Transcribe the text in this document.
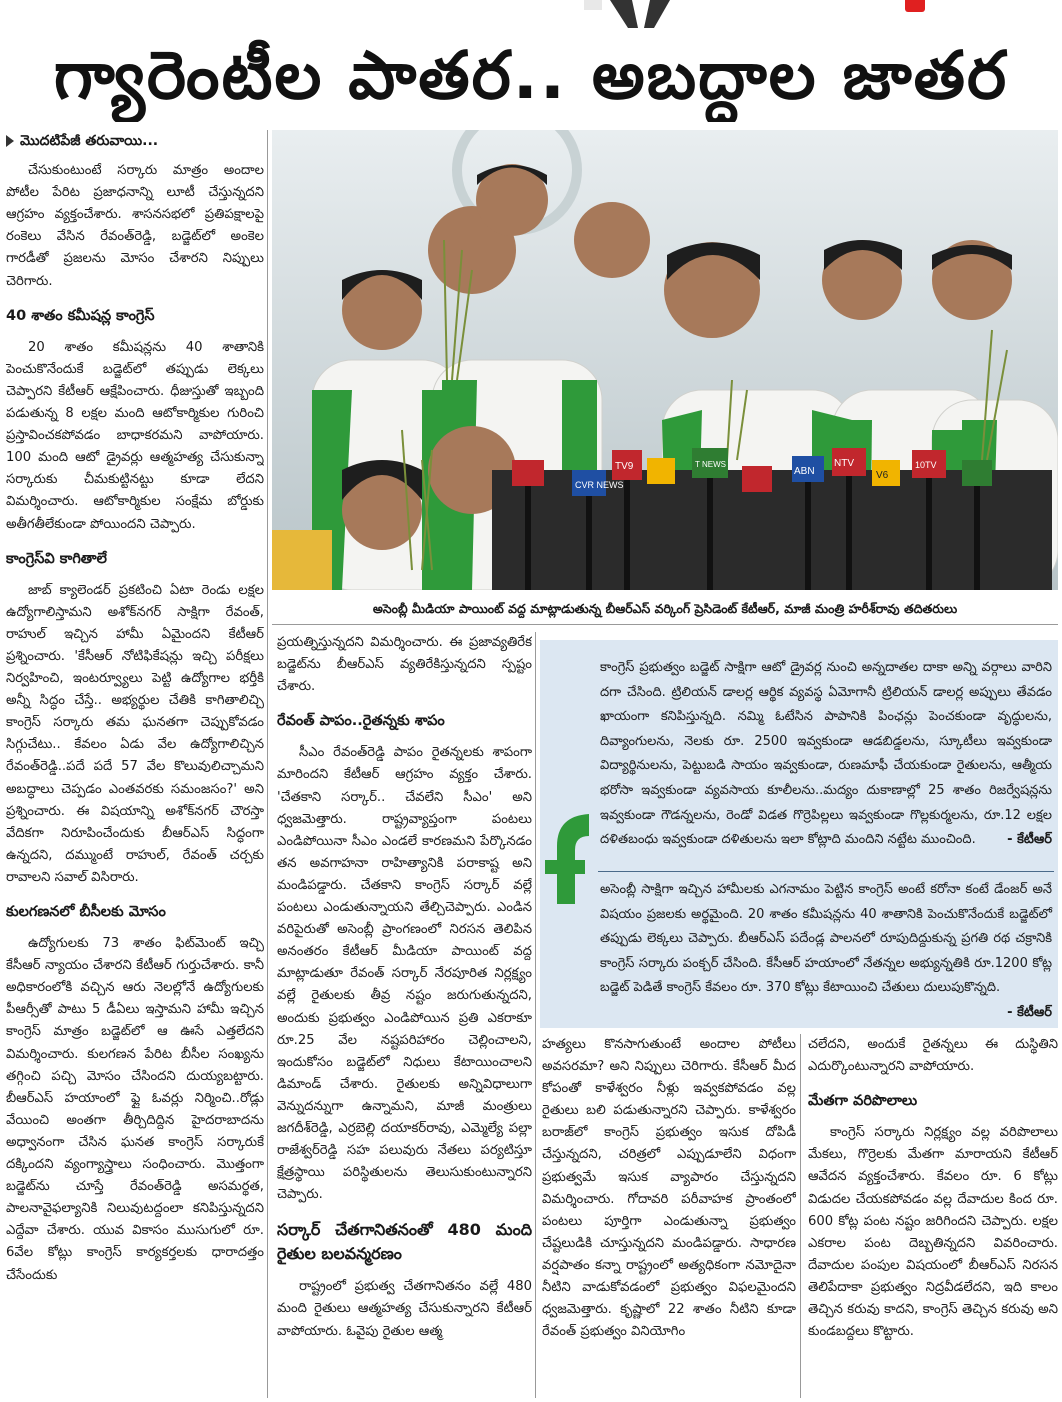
గ్యారెంటీల పాతర.. అబద్ధాల జాతర
మొదటిపేజీ తరువాయి...

చేసుకుంటుంటే సర్కారు మాత్రం అందాల పోటీల పేరిట ప్రజాధనాన్ని లూటీ చేస్తున్నదని ఆగ్రహం వ్యక్తంచేశారు. శాసనసభలో ప్రతిపక్షాలపై రంకెలు వేసిన రేవంత్‌రెడ్డి, బడ్జెట్‌లో అంకెల గారడీతో ప్రజలను మోసం చేశారని నిప్పులు చెరిగారు.

40 శాతం కమీషన్ల కాంగ్రెస్‌

20 శాతం కమీషన్లను 40 శాతానికి పెంచుకొనేందుకే బడ్జెట్‌లో తప్పుడు లెక్కలు చెప్పారని కేటీఆర్‌ ఆక్షేపించారు. ధీజుస్తుతో ఇబ్బంది పడుతున్న 8 లక్షల మంది ఆటోకార్మికుల గురించి ప్రస్తావించకపోవడం బాధాకరమని వాపోయారు. 100 మంది ఆటో డ్రైవర్లు ఆత్మహత్య చేసుకున్నా సర్కారుకు చీమకుట్టినట్టు కూడా లేదని విమర్శించారు. ఆటోకార్మికుల సంక్షేమ బోర్డుకు అతీగతీలేకుండా పోయిందని చెప్పారు.

కాంగ్రెస్‌వి కాగితాలే

జాబ్‌ క్యాలెండర్‌ ప్రకటించి ఏటా రెండు లక్షల ఉద్యోగాలిస్తామని అశోక్‌నగర్‌ సాక్షిగా రేవంత్‌, రాహుల్‌ ఇచ్చిన హామీ ఏమైందని కేటీఆర్‌ ప్రశ్నించారు. 'కేసీఆర్‌ నోటిఫికేషన్లు ఇచ్చి పరీక్షలు నిర్వహించి, ఇంటర్వ్యూలు పెట్టి ఉద్యోగాల భర్తీకి అన్నీ సిద్ధం చేస్తే.. అభ్యర్థుల చేతికి కాగితాలిచ్చి కాంగ్రెస్‌ సర్కారు తమ ఘనతగా చెప్పుకోవడం సిగ్గుచేటు.. కేవలం ఏడు వేల ఉద్యోగాలిచ్చిన రేవంత్‌రెడ్డి..పదే పదే 57 వేల కొలువులిచ్చామని అబద్ధాలు చెప్పడం ఎంతవరకు సమంజసం?' అని ప్రశ్నించారు. ఈ విషయాన్ని అశోక్‌నగర్‌ చౌరస్తా వేదికగా నిరూపించేందుకు బీఆర్‌ఎస్‌ సిద్ధంగా ఉన్నదని, దమ్ముంటే రాహుల్‌, రేవంత్‌ చర్చకు రావాలని సవాల్‌ విసిరారు.

కులగణనలో బీసీలకు మోసం

ఉద్యోగులకు 73 శాతం ఫిట్‌మెంట్‌ ఇచ్చి కేసీఆర్‌ న్యాయం చేశారని కేటీఆర్‌ గుర్తుచేశారు. కానీ అధికారంలోకి వచ్చిన ఆరు నెలల్లోనే ఉద్యోగులకు పీఆర్సీతో పాటు 5 డీఏలు ఇస్తామని హామీ ఇచ్చిన కాంగ్రెస్‌ మాత్రం బడ్జెట్‌లో ఆ ఊసే ఎత్తలేదని విమర్శించారు. కులగణన పేరిట బీసీల సంఖ్యను తగ్గించి పచ్చి మోసం చేసిందని దుయ్యబట్టారు. బీఆర్‌ఎస్‌ హయాంలో ఫ్లై ఓవర్లు నిర్మించి..రోడ్లు వేయించి అంతగా తీర్చిదిద్దిన హైదరాబాదను అధ్వానంగా చేసిన ఘనత కాంగ్రెస్‌ సర్కారుకే దక్కిందని వ్యంగ్యాస్త్రాలు సంధించారు. మొత్తంగా బడ్జెట్‌ను చూస్తే రేవంత్‌రెడ్డి అసమర్థత, పాలనావైఫల్యానికి నిలువుటద్దంలా కనిపిస్తున్నదని ఎద్దేవా చేశారు. యువ వికాసం ముసుగులో రూ. 6వేల కోట్లు కాంగ్రెస్‌ కార్యకర్తలకు ధారాదత్తం చేసేందుకు

CVR NEWS
ABN
TV9	NTV
V6
10TV
T NEWS
అసెంబ్లీ మీడియా పాయింట్‌ వద్ద మాట్లాడుతున్న బీఆర్‌ఎస్‌ వర్కింగ్‌ ప్రెసిడెంట్‌ కేటీఆర్‌, మాజీ మంత్రి హరీశ్‌రావు తదితరులు

ప్రయత్నిస్తున్నదని విమర్శించారు. ఈ ప్రజావ్యతిరేక బడ్జెట్‌ను బీఆర్‌ఎస్‌ వ్యతిరేకిస్తున్నదని స్పష్టం చేశారు.

రేవంత్‌ పాపం..రైతన్నకు శాపం

సీఎం రేవంత్‌రెడ్డి పాపం రైతన్నలకు శాపంగా మారిందని కేటీఆర్‌ ఆగ్రహం వ్యక్తం చేశారు. 'చేతకాని సర్కార్‌.. చేవలేని సీఎం' అని ధ్వజమెత్తారు. రాష్ట్రవ్యాప్తంగా పంటలు ఎండిపోయినా సీఎం ఎండలే కారణమని పేర్కొనడం తన అవగాహనా రాహిత్యానికి పరాకాష్ట అని మండిపడ్డారు. చేతకాని కాంగ్రెస్‌ సర్కార్‌ వల్లే పంటలు ఎండుతున్నాయని తేల్చిచెప్పారు. ఎండిన వరిపైరుతో అసెంబ్లీ ప్రాంగణంలో నిరసన తెలిపిన అనంతరం కేటీఆర్‌ మీడియా పాయింట్‌ వద్ద మాట్లాడుతూ రేవంత్‌ సర్కార్‌ నేరపూరిత నిర్లక్ష్యం వల్లే రైతులకు తీవ్ర నష్టం జరుగుతున్నదని, అందుకు ప్రభుత్వం ఎండిపోయిన ప్రతి ఎకరాకూ రూ.25 వేల నష్టపరిహారం చెల్లించాలని, ఇందుకోసం బడ్జెట్‌లో నిధులు కేటాయించాలని డిమాండ్‌ చేశారు. రైతులకు అన్నివిధాలుగా వెన్నుదన్నుగా ఉన్నామని, మాజీ మంత్రులు జగదీశ్‌రెడ్డి, ఎర్రబెల్లి దయాకర్‌రావు, ఎమ్మెల్యే పల్లా రాజేశ్వర్‌రెడ్డి సహ పలువురు నేతలు పర్యటిస్తూ క్షేత్రస్థాయి పరిస్థితులను తెలుసుకుంటున్నారని చెప్పారు.

సర్కార్‌ చేతగానితనంతో 480 మంది రైతుల బలవన్మరణం

రాష్ట్రంలో ప్రభుత్వ చేతగానితనం వల్లే 480 మంది రైతులు ఆత్మహత్య చేసుకున్నారని కేటీఆర్‌ వాపోయారు. ఓవైపు రైతుల ఆత్మ

కాంగ్రెస్‌ ప్రభుత్వం బడ్జెట్‌ సాక్షిగా ఆటో డ్రైవర్ల నుంచి అన్నదాతల దాకా అన్ని వర్గాలు వారిని దగా చేసింది. ట్రిలియన్‌ డాలర్ల ఆర్థిక వ్యవస్థ ఏమోగానీ ట్రిలియన్‌ డాలర్ల అప్పులు తేవడం ఖాయంగా కనిపిస్తున్నది. నమ్మి ఓటేసిన పాపానికి పింఛన్లు పెంచకుండా వృద్ధులను, దివ్యాంగులను, నెలకు రూ. 2500 ఇవ్వకుండా ఆడబిడ్డలను, స్కూటీలు ఇవ్వకుండా విద్యార్థినులను, పెట్టుబడి సాయం ఇవ్వకుండా, రుణమాఫీ చేయకుండా రైతులను, ఆత్మీయ భరోసా ఇవ్వకుండా వ్యవసాయ కూలీలను..మద్యం దుకాణాల్లో 25 శాతం రిజర్వేషన్లను ఇవ్వకుండా గౌడన్నలను, రెండో విడత గొర్రెపిల్లలు ఇవ్వకుండా గొల్లకుర్మలను, రూ.12 లక్షల దళితబంధు ఇవ్వకుండా దళితులను ఇలా కోట్లాది మందిని నట్టేట ముంచింది. - కేటీఆర్‌
అసెంబ్లీ సాక్షిగా ఇచ్చిన హామీలకు ఎగనామం పెట్టిన కాంగ్రెస్‌ అంటే కరోనా కంటే డేంజర్‌ అనే విషయం ప్రజలకు అర్థమైంది. 20 శాతం కమీషన్లను 40 శాతానికి పెంచుకొనేందుకే బడ్జెట్‌లో తప్పుడు లెక్కలు చెప్పారు. బీఆర్‌ఎస్‌ పదేండ్ల పాలనలో రూపుదిద్దుకున్న ప్రగతి రథ చక్రానికి కాంగ్రెస్‌ సర్కారు పంక్చర్‌ చేసింది. కేసీఆర్‌ హయాంలో నేతన్నల అభ్యున్నతికి రూ.1200 కోట్ల బడ్జెట్‌ పెడితే కాంగ్రెస్‌ కేవలం రూ. 370 కోట్లు కేటాయించి చేతులు దులుపుకొన్నది.
- కేటీఆర్‌

హత్యలు కొనసాగుతుంటే అందాల పోటీలు అవసరమా? అని నిప్పులు చెరిగారు. కేసీఆర్‌ మీద కోపంతో కాళేశ్వరం నీళ్లు ఇవ్వకపోవడం వల్ల రైతులు బలి పడుతున్నారని చెప్పారు. కాళేశ్వరం బరాజ్‌లో కాంగ్రెస్‌ ప్రభుత్వం ఇసుక దోపిడీ చేస్తున్నదని, చరిత్రలో ఎప్పుడూలేని విధంగా ప్రభుత్వమే ఇసుక వ్యాపారం చేస్తున్నదని విమర్శించారు. గోదావరి పరీవాహక ప్రాంతంలో పంటలు పూర్తిగా ఎండుతున్నా ప్రభుత్వం చేష్టలుడికి చూస్తున్నదని మండిపడ్డారు. సాధారణ వర్షపాతం కన్నా రాష్ట్రంలో అత్యధికంగా నమోదైనా నీటిని వాడుకోవడంలో ప్రభుత్వం విఫలమైందని ధ్వజమెత్తారు. కృష్ణాలో 22 శాతం నీటిని కూడా రేవంత్‌ ప్రభుత్వం వినియోగిం

చలేదని, అందుకే రైతన్నలు ఈ దుస్థితిని ఎదుర్కొంటున్నారని వాపోయారు.

మేతగా వరిపొలాలు

కాంగ్రెస్‌ సర్కారు నిర్లక్ష్యం వల్ల వరిపొలాలు మేకలు, గొర్రెలకు మేతగా మారాయని కేటీఆర్‌ ఆవేదన వ్యక్తంచేశారు. కేవలం రూ. 6 కోట్లు విడుదల చేయకపోవడం వల్ల దేవాదుల కింద రూ. 600 కోట్ల పంట నష్టం జరిగిందని చెప్పారు. లక్షల ఎకరాల పంట దెబ్బతిన్నదని వివరించారు. దేవాదుల పంపుల విషయంలో బీఆర్‌ఎస్‌ నిరసన తెలిపేదాకా ప్రభుత్వం నిద్రవీడలేదని, ఇది కాలం తెచ్చిన కరువు కాదని, కాంగ్రెస్‌ తెచ్చిన కరువు అని కుండబద్దలు కొట్టారు.
